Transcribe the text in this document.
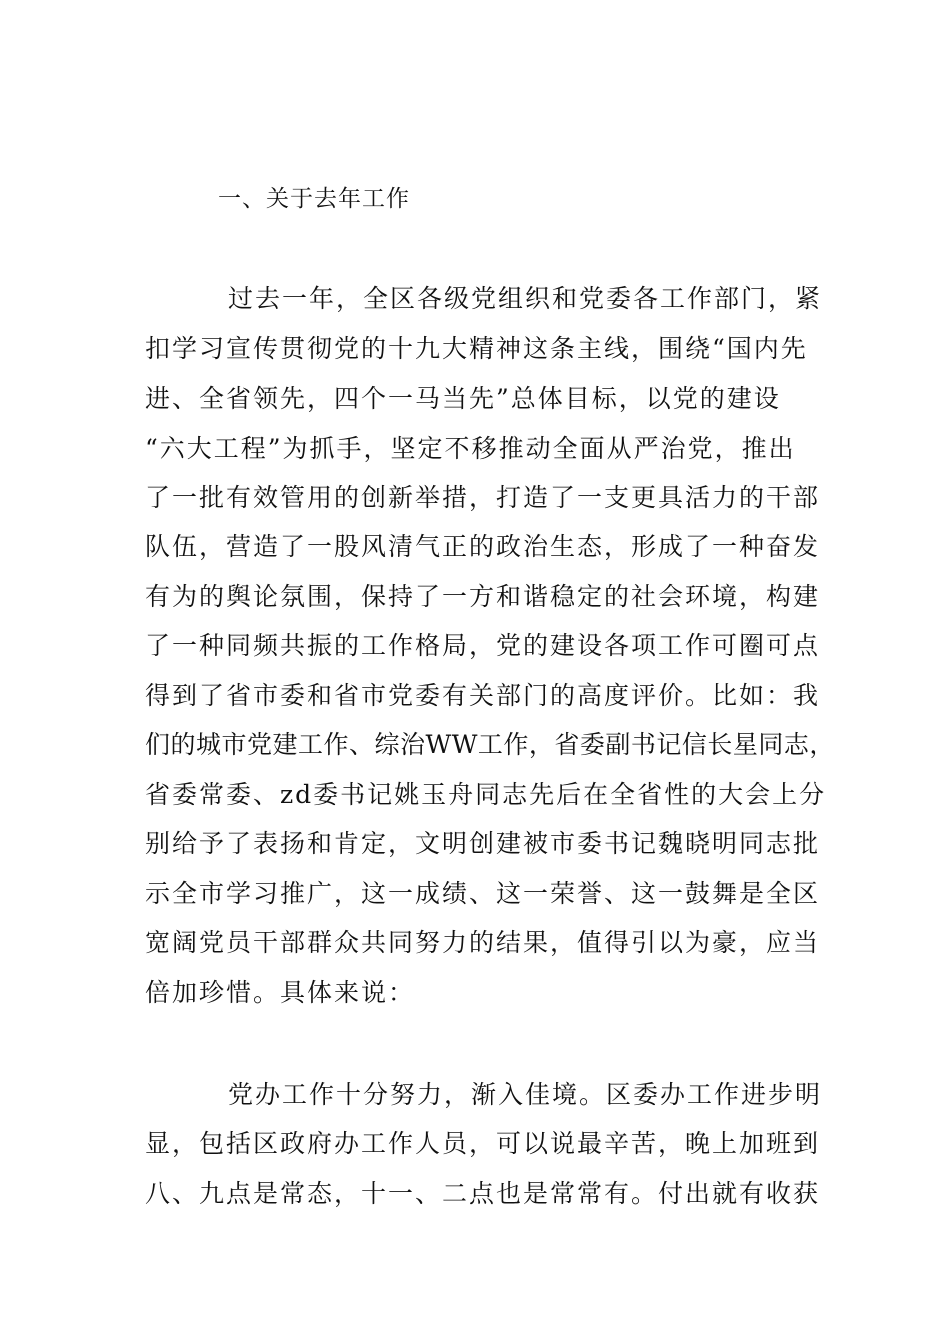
一、关于去年工作
过去一年，全区各级党组织和党委各工作部门，紧
扣学习宣传贯彻党的十九大精神这条主线，围绕“国内先
进、全省领先，四个一马当先”总体目标，以党的建设
“六大工程”为抓手，坚定不移推动全面从严治党，推出
了一批有效管用的创新举措，打造了一支更具活力的干部
队伍，营造了一股风清气正的政治生态，形成了一种奋发
有为的舆论氛围，保持了一方和谐稳定的社会环境，构建
了一种同频共振的工作格局，党的建设各项工作可圈可点
得到了省市委和省市党委有关部门的高度评价。比如：我
们的城市党建工作、综治WW工作，省委副书记信长星同志，
省委常委、zd委书记姚玉舟同志先后在全省性的大会上分
别给予了表扬和肯定，文明创建被市委书记魏晓明同志批
示全市学习推广，这一成绩、这一荣誉、这一鼓舞是全区
宽阔党员干部群众共同努力的结果，值得引以为豪，应当
倍加珍惜。具体来说：
党办工作十分努力，渐入佳境。区委办工作进步明
显，包括区政府办工作人员，可以说最辛苦，晚上加班到
八、九点是常态，十一、二点也是常常有。付出就有收获
